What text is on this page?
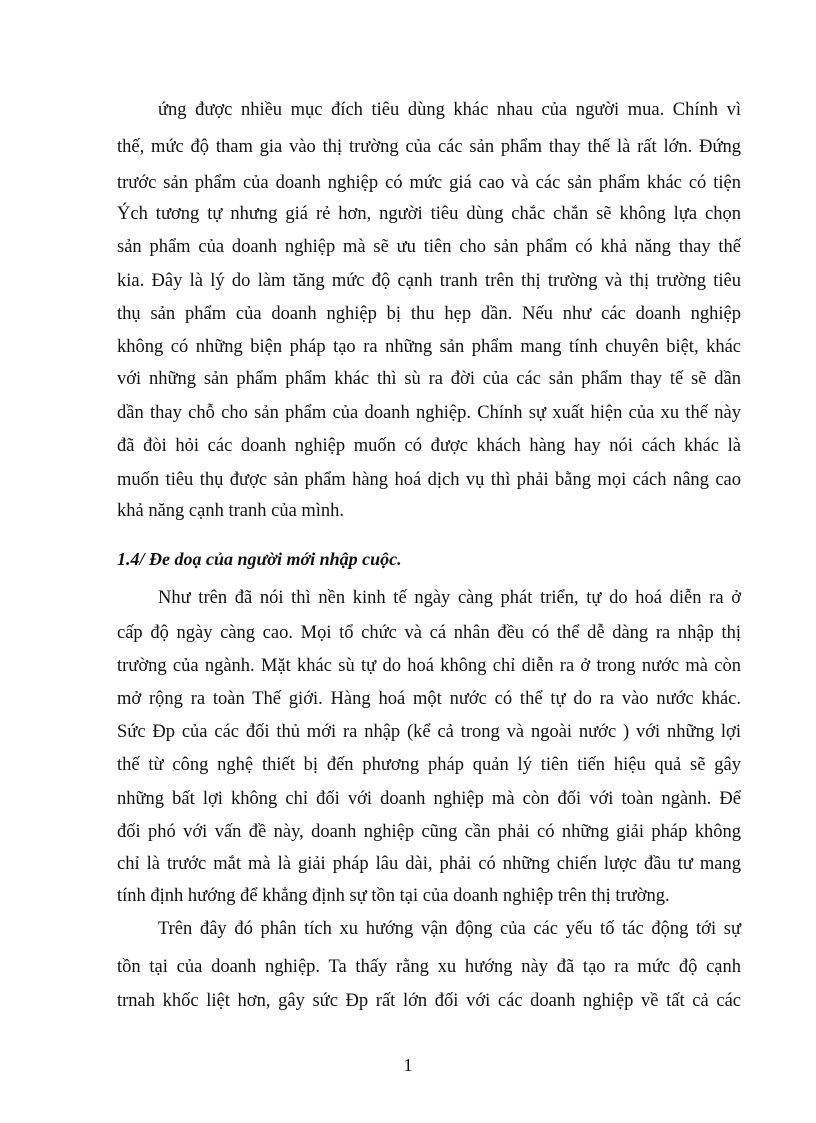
ứng được nhiều mục đích tiêu dùng khác nhau của người mua. Chính vì
thế, mức độ tham gia vào thị trường của các sản phẩm thay thế là rất lớn. Đứng
trước sản phẩm của doanh nghiệp có mức giá cao và các sản phẩm khác có tiện
Ých tương tự nhưng giá rẻ hơn, người tiêu dùng chắc chắn sẽ không lựa chọn
sản phẩm của doanh nghiệp mà sẽ ưu tiên cho sản phẩm có khả năng thay thế
kia. Đây là lý do làm tăng mức độ cạnh tranh trên thị trường và thị trường tiêu
thụ sản phẩm của doanh nghiệp bị thu hẹp dần. Nếu như các doanh nghiệp
không có những biện pháp tạo ra những sản phẩm mang tính chuyên biệt, khác
với những sản phẩm phẩm khác thì sù ra đời của các sản phẩm thay tế sẽ dần
dần thay chỗ cho sản phẩm của doanh nghiệp. Chính sự xuất hiện của xu thế này
đã đòi hỏi các doanh nghiệp muốn có được khách hàng hay nói cách khác là
muốn tiêu thụ được sản phẩm hàng hoá dịch vụ thì phải bằng mọi cách nâng cao
khả năng cạnh tranh của mình.
1.4/ Đe doạ của người mới nhập cuộc.
Như trên đã nói thì nền kinh tế ngày càng phát triển, tự do hoá diễn ra ở
cấp độ ngày càng cao. Mọi tổ chức và cá nhân đều có thể dễ dàng ra nhập thị
trường của ngành. Mặt khác sù tự do hoá không chỉ diễn ra ở trong nước mà còn
mở rộng ra toàn Thế giới. Hàng hoá một nước có thể tự do ra vào nước khác.
Sức Ðp của các đối thủ mới ra nhập (kể cả trong và ngoài nước ) với những lợi
thế từ công nghệ thiết bị đến phương pháp quản lý tiên tiến hiệu quả sẽ gây
những bất lợi không chỉ đối với doanh nghiệp mà còn đối với toàn ngành. Để
đối phó với vấn đề này, doanh nghiệp cũng cần phải có những giải pháp không
chỉ là trước mắt mà là giải pháp lâu dài, phải có những chiến lược đầu tư mang
tính định hướng để khẳng định sự tồn tại của doanh nghiệp trên thị trường.
Trên đây đó phân tích xu hướng vận động của các yếu tố tác động tới sự
tồn tại của doanh nghiệp. Ta thấy rằng xu hướng này đã tạo ra mức độ cạnh
trnah khốc liệt hơn, gây sức Ðp rất lớn đối với các doanh nghiệp về tất cả các
1
